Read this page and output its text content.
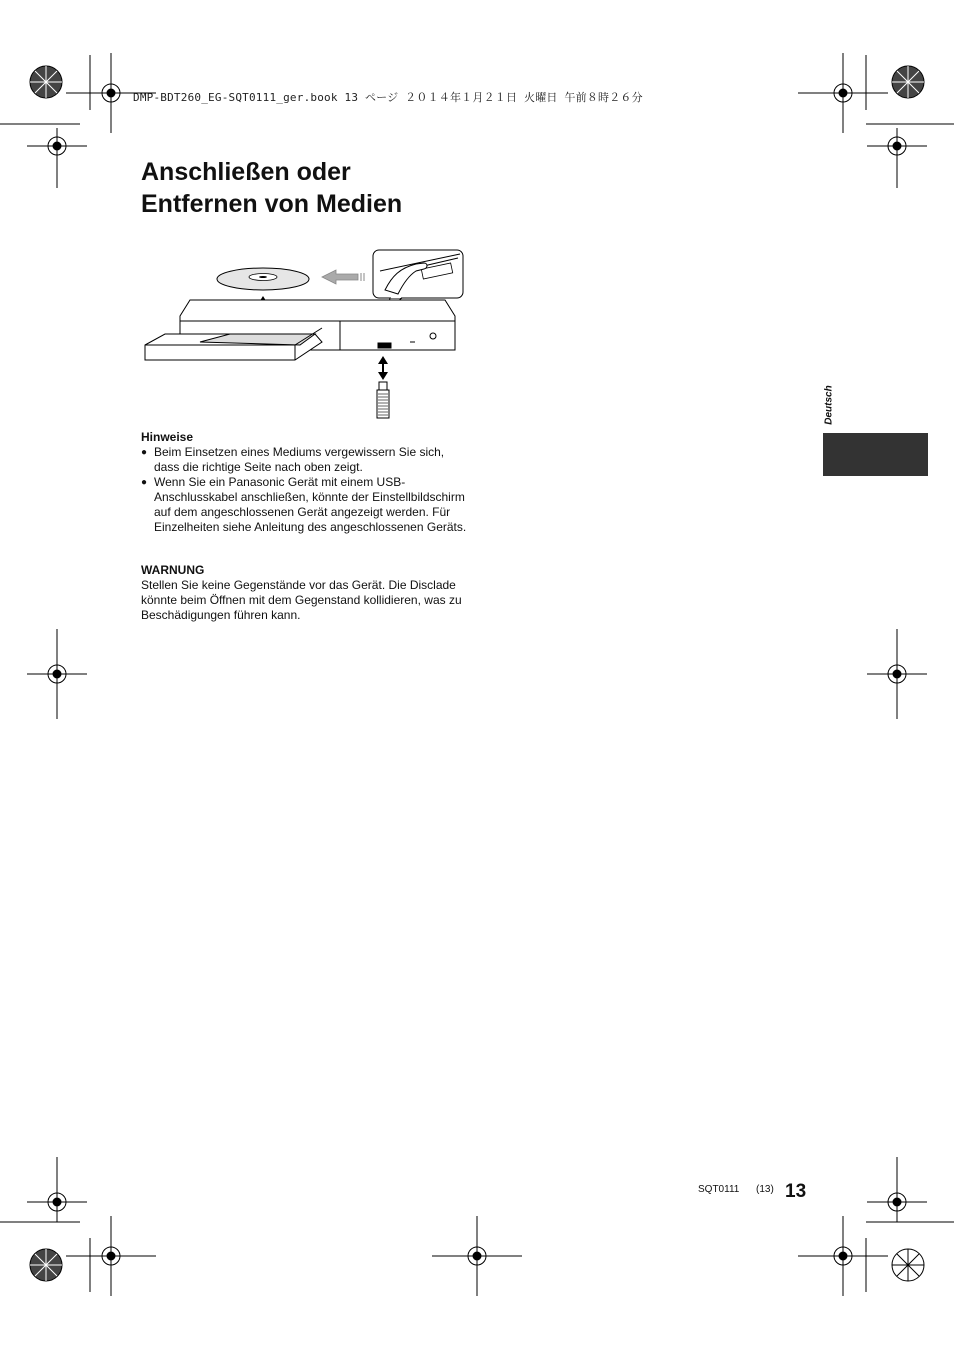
DMP-BDT260_EG-SQT0111_ger.book 13 ページ ２０１４年１月２１日 火曜日 午前８時２６分
Anschließen oder
Entfernen von Medien

Hinweise

● Beim Einsetzen eines Mediums vergewissern Sie sich, dass die richtige Seite nach oben zeigt.
● Wenn Sie ein Panasonic Gerät mit einem USB-Anschlusskabel anschließen, könnte der Einstellbildschirm auf dem angeschlossenen Gerät angezeigt werden. Für Einzelheiten siehe Anleitung des angeschlossenen Geräts.

WARNUNG

Stellen Sie keine Gegenstände vor das Gerät. Die Disclade könnte beim Öffnen mit dem Gegenstand kollidieren, was zu Beschädigungen führen kann.

Deutsch
SQT0111 (13) 13
